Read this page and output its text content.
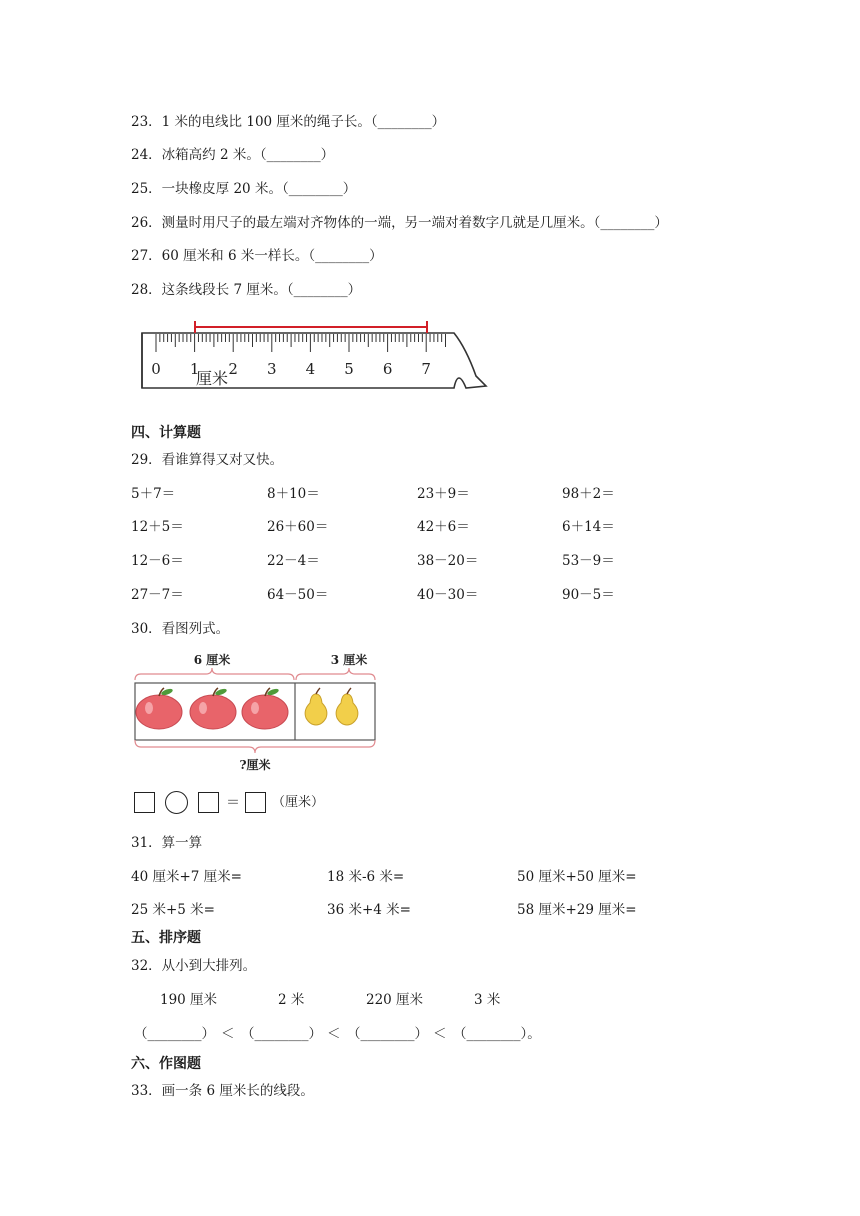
23．1 米的电线比 100 厘米的绳子长。（________）
24．冰箱高约 2 米。（________）
25．一块橡皮厚 20 米。（________）
26．测量时用尺子的最左端对齐物体的一端，另一端对着数字几就是几厘米。（________）
27．60 厘米和 6 米一样长。（________）
28．这条线段长 7 厘米。（________）
0 1 2 3 4 5 6 7
厘米
四、计算题
29．看谁算得又对又快。
5＋7＝	8＋10＝	23＋9＝	98＋2＝
12＋5＝	26＋60＝	42＋6＝	6＋14＝
12－6＝	22－4＝	38－20＝	53－9＝
27－7＝	64－50＝	40－30＝	90－5＝
30．看图列式。
6 厘米	3 厘米
?厘米
＝ （厘米）
31．算一算
40 厘米+7 厘米=	18 米-6 米=	50 厘米+50 厘米=
25 米+5 米=	36 米+4 米=	58 厘米+29 厘米=
五、排序题
32．从小到大排列。
190 厘米	2 米	220 厘米	3 米
（________） ＜ （________） ＜ （________） ＜ （________）。
六、作图题
33．画一条 6 厘米长的线段。
